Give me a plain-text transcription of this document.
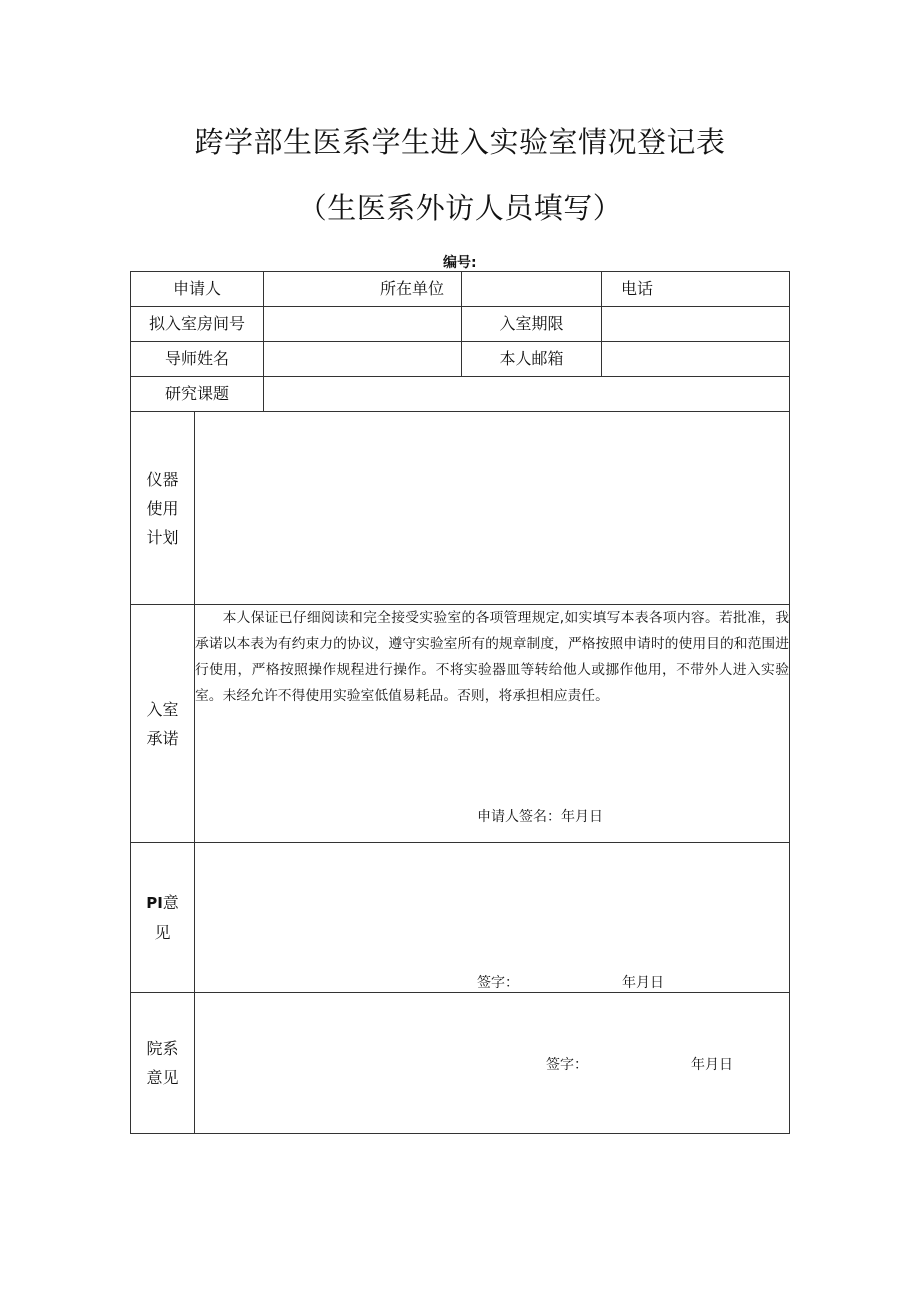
跨学部生医系学生进入实验室情况登记表
（生医系外访人员填写）
编号:
申请人	所在单位	电话
拟入室房间号	入室期限
导师姓名	本人邮箱
研究课题
仪器使用计划
入室承诺

本人保证已仔细阅读和完全接受实验室的各项管理规定,如实填写本表各项内容。若批准，我承诺以本表为有约束力的协议，遵守实验室所有的规章制度，严格按照申请时的使用目的和范围进行使用，严格按照操作规程进行操作。不将实验器皿等转给他人或挪作他用，不带外人进入实验室。未经允许不得使用实验室低值易耗品。否则，将承担相应责任。

申请人签名：年月日
PI意见
签字：	年月日
院系意见
签字：	年月日
